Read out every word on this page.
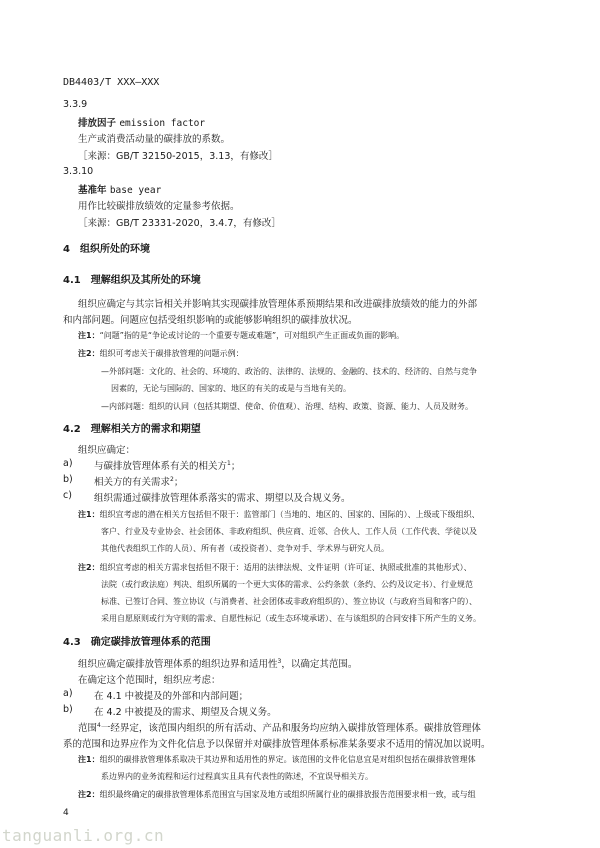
DB4403/T XXX—XXX
3.3.9
排放因子 emission factor
生产或消费活动量的碳排放的系数。
［来源：GB/T 32150-2015，3.13，有修改］
3.3.10
基准年 base year
用作比较碳排放绩效的定量参考依据。
［来源：GB/T 23331-2020，3.4.7，有修改］
4　组织所处的环境
4.1　理解组织及其所处的环境
组织应确定与其宗旨相关并影响其实现碳排放管理体系预期结果和改进碳排放绩效的能力的外部
和内部问题。问题应包括受组织影响的或能够影响组织的碳排放状况。
注1：“问题”指的是“争论或讨论的一个重要专题或难题”，可对组织产生正面或负面的影响。
注2：组织可考虑关于碳排放管理的问题示例：
—外部问题：文化的、社会的、环境的、政治的、法律的、法规的、金融的、技术的、经济的、自然与竞争
因素的，无论与国际的、国家的、地区的有关的或是与当地有关的。
—内部问题：组织的认同（包括其期望、使命、价值观）、治理、结构、政策、资源、能力、人员及财务。
4.2　理解相关方的需求和期望
组织应确定：
a) 与碳排放管理体系有关的相关方$^1$；
b) 相关方的有关需求$^2$；
c) 组织需通过碳排放管理体系落实的需求、期望以及合规义务。
注1：组织宜考虑的潜在相关方包括但不限于：监管部门（当地的、地区的、国家的、国际的）、上级或下级组织、
客户、行业及专业协会、社会团体、非政府组织、供应商、近邻、合伙人、工作人员（工作代表、学徒以及
其他代表组织工作的人员）、所有者（或投资者）、竞争对手、学术界与研究人员。
注2：组织宜考虑的相关方需求包括但不限于：适用的法律法规、文件证明（许可证、执照或批准的其他形式）、
法院（或行政法庭）判决、组织所属的一个更大实体的需求、公约条款（条约、公约及议定书）、行业规范
标准、已签订合同、签立协议（与消费者、社会团体或非政府组织的）、签立协议（与政府当局和客户的）、
采用自愿原则或行为守则的需求、自愿性标记（或生态环境承诺）、在与该组织的合同安排下所产生的义务。
4.3　确定碳排放管理体系的范围
组织应确定碳排放管理体系的组织边界和适用性$^3$，以确定其范围。
在确定这个范围时，组织应考虑：
a) 在 4.1 中被提及的外部和内部问题；
b) 在 4.2 中被提及的需求、期望及合规义务。
范围$^4$一经界定，该范围内组织的所有活动、产品和服务均应纳入碳排放管理体系。碳排放管理体
系的范围和边界应作为文件化信息予以保留并对碳排放管理体系标准某条要求不适用的情况加以说明。
注1：组织的碳排放管理体系取决于其边界和适用性的界定。该范围的文件化信息宜是对组织包括在碳排放管理体
系边界内的业务流程和运行过程真实且具有代表性的陈述，不宜误导相关方。
注2：组织最终确定的碳排放管理体系范围宜与国家及地方或组织所属行业的碳排放报告范围要求相一致，或与组
4
tanguanli.org.cn
